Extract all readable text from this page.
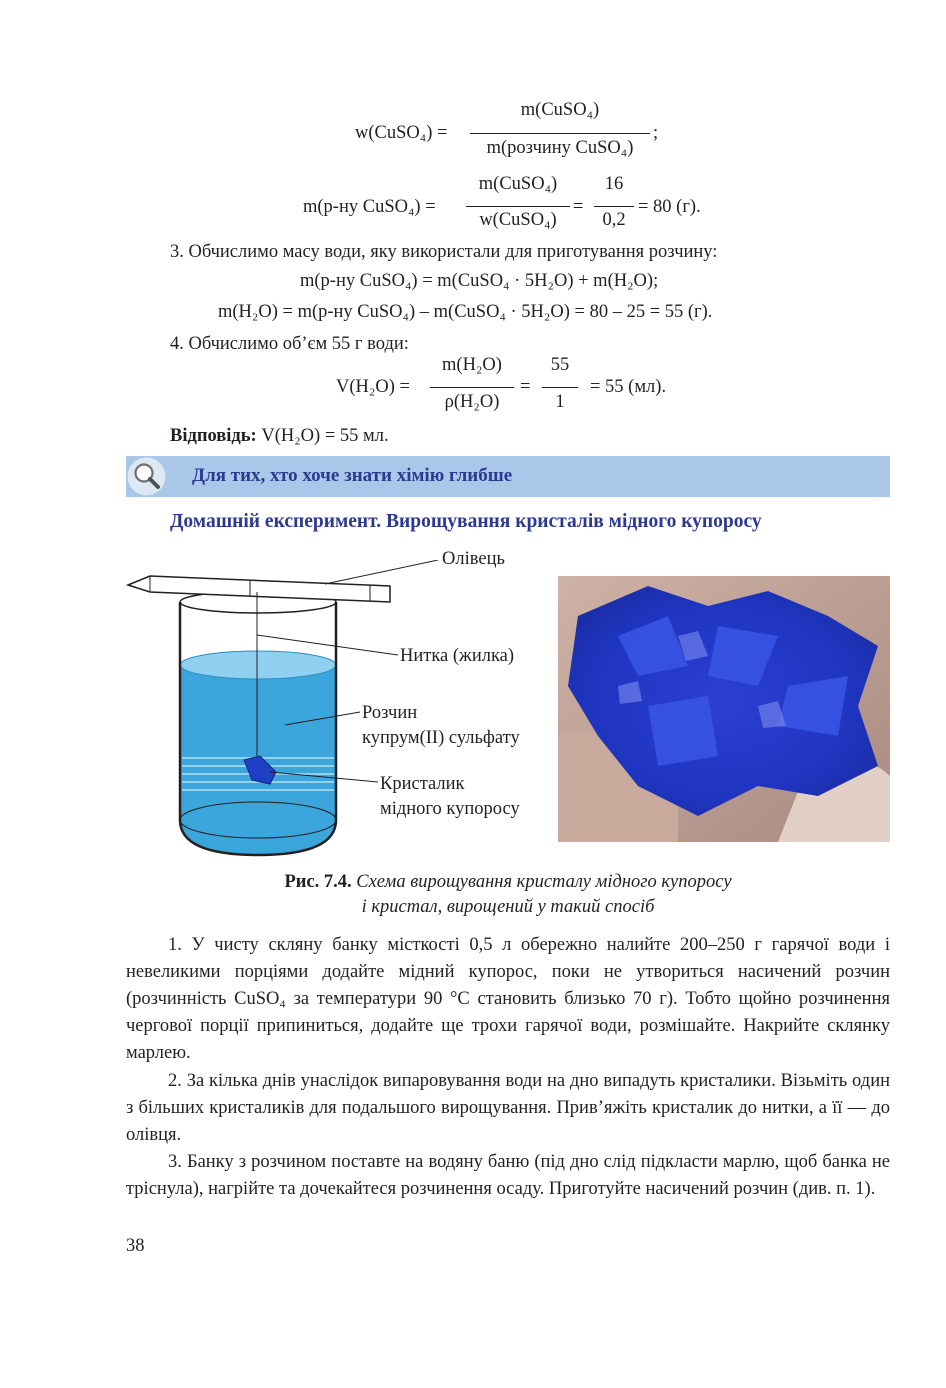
w(CuSO₄) =
m(CuSO₄)
m(розчину CuSO₄)
;
m(р-ну CuSO₄) =
m(CuSO₄)
w(CuSO₄)
=
16
0,2
= 80 (г).
3. Обчислимо масу води, яку використали для приготування розчину:
m(р-ну CuSO₄) = m(CuSO₄ · 5H₂O) + m(H₂O);
m(H₂O) = m(р-ну CuSO₄) – m(CuSO₄ · 5H₂O) = 80 – 25 = 55 (г).
4. Обчислимо об’єм 55 г води:
V(H₂O) =
m(H₂O)
ρ(H₂O)
=
55
1
= 55 (мл).
Відповідь: V(H₂O) = 55 мл.
Для тих, хто хоче знати хімію глибше
Домашній експеримент. Вирощування кристалів мідного купоросу
Олівець
Нитка (жилка)
Розчин
купрум(ІІ) сульфату
Кристалик
мідного купоросу
Рис. 7.4. Схема вирощування кристалу мідного купоросу
і кристал, вирощений у такий спосіб
1. У чисту скляну банку місткості 0,5 л обережно налийте 200–250 г гарячої води і невеликими порціями додайте мідний купорос, поки не утвориться насичений розчин (розчинність CuSO₄ за температури 90 °С становить близько 70 г). Тобто щойно розчинення чергової порції припиниться, додайте ще трохи гарячої води, розмішайте. Накрийте склянку марлею.
2. За кілька днів унаслідок випаровування води на дно випадуть кристалики. Візьміть один з більших кристаликів для подальшого вирощування. Прив’яжіть кристалик до нитки, а її — до олівця.
3. Банку з розчином поставте на водяну баню (під дно слід підкласти марлю, щоб банка не тріснула), нагрійте та дочекайтеся розчинення осаду. Приготуйте насичений розчин (див. п. 1).
38
